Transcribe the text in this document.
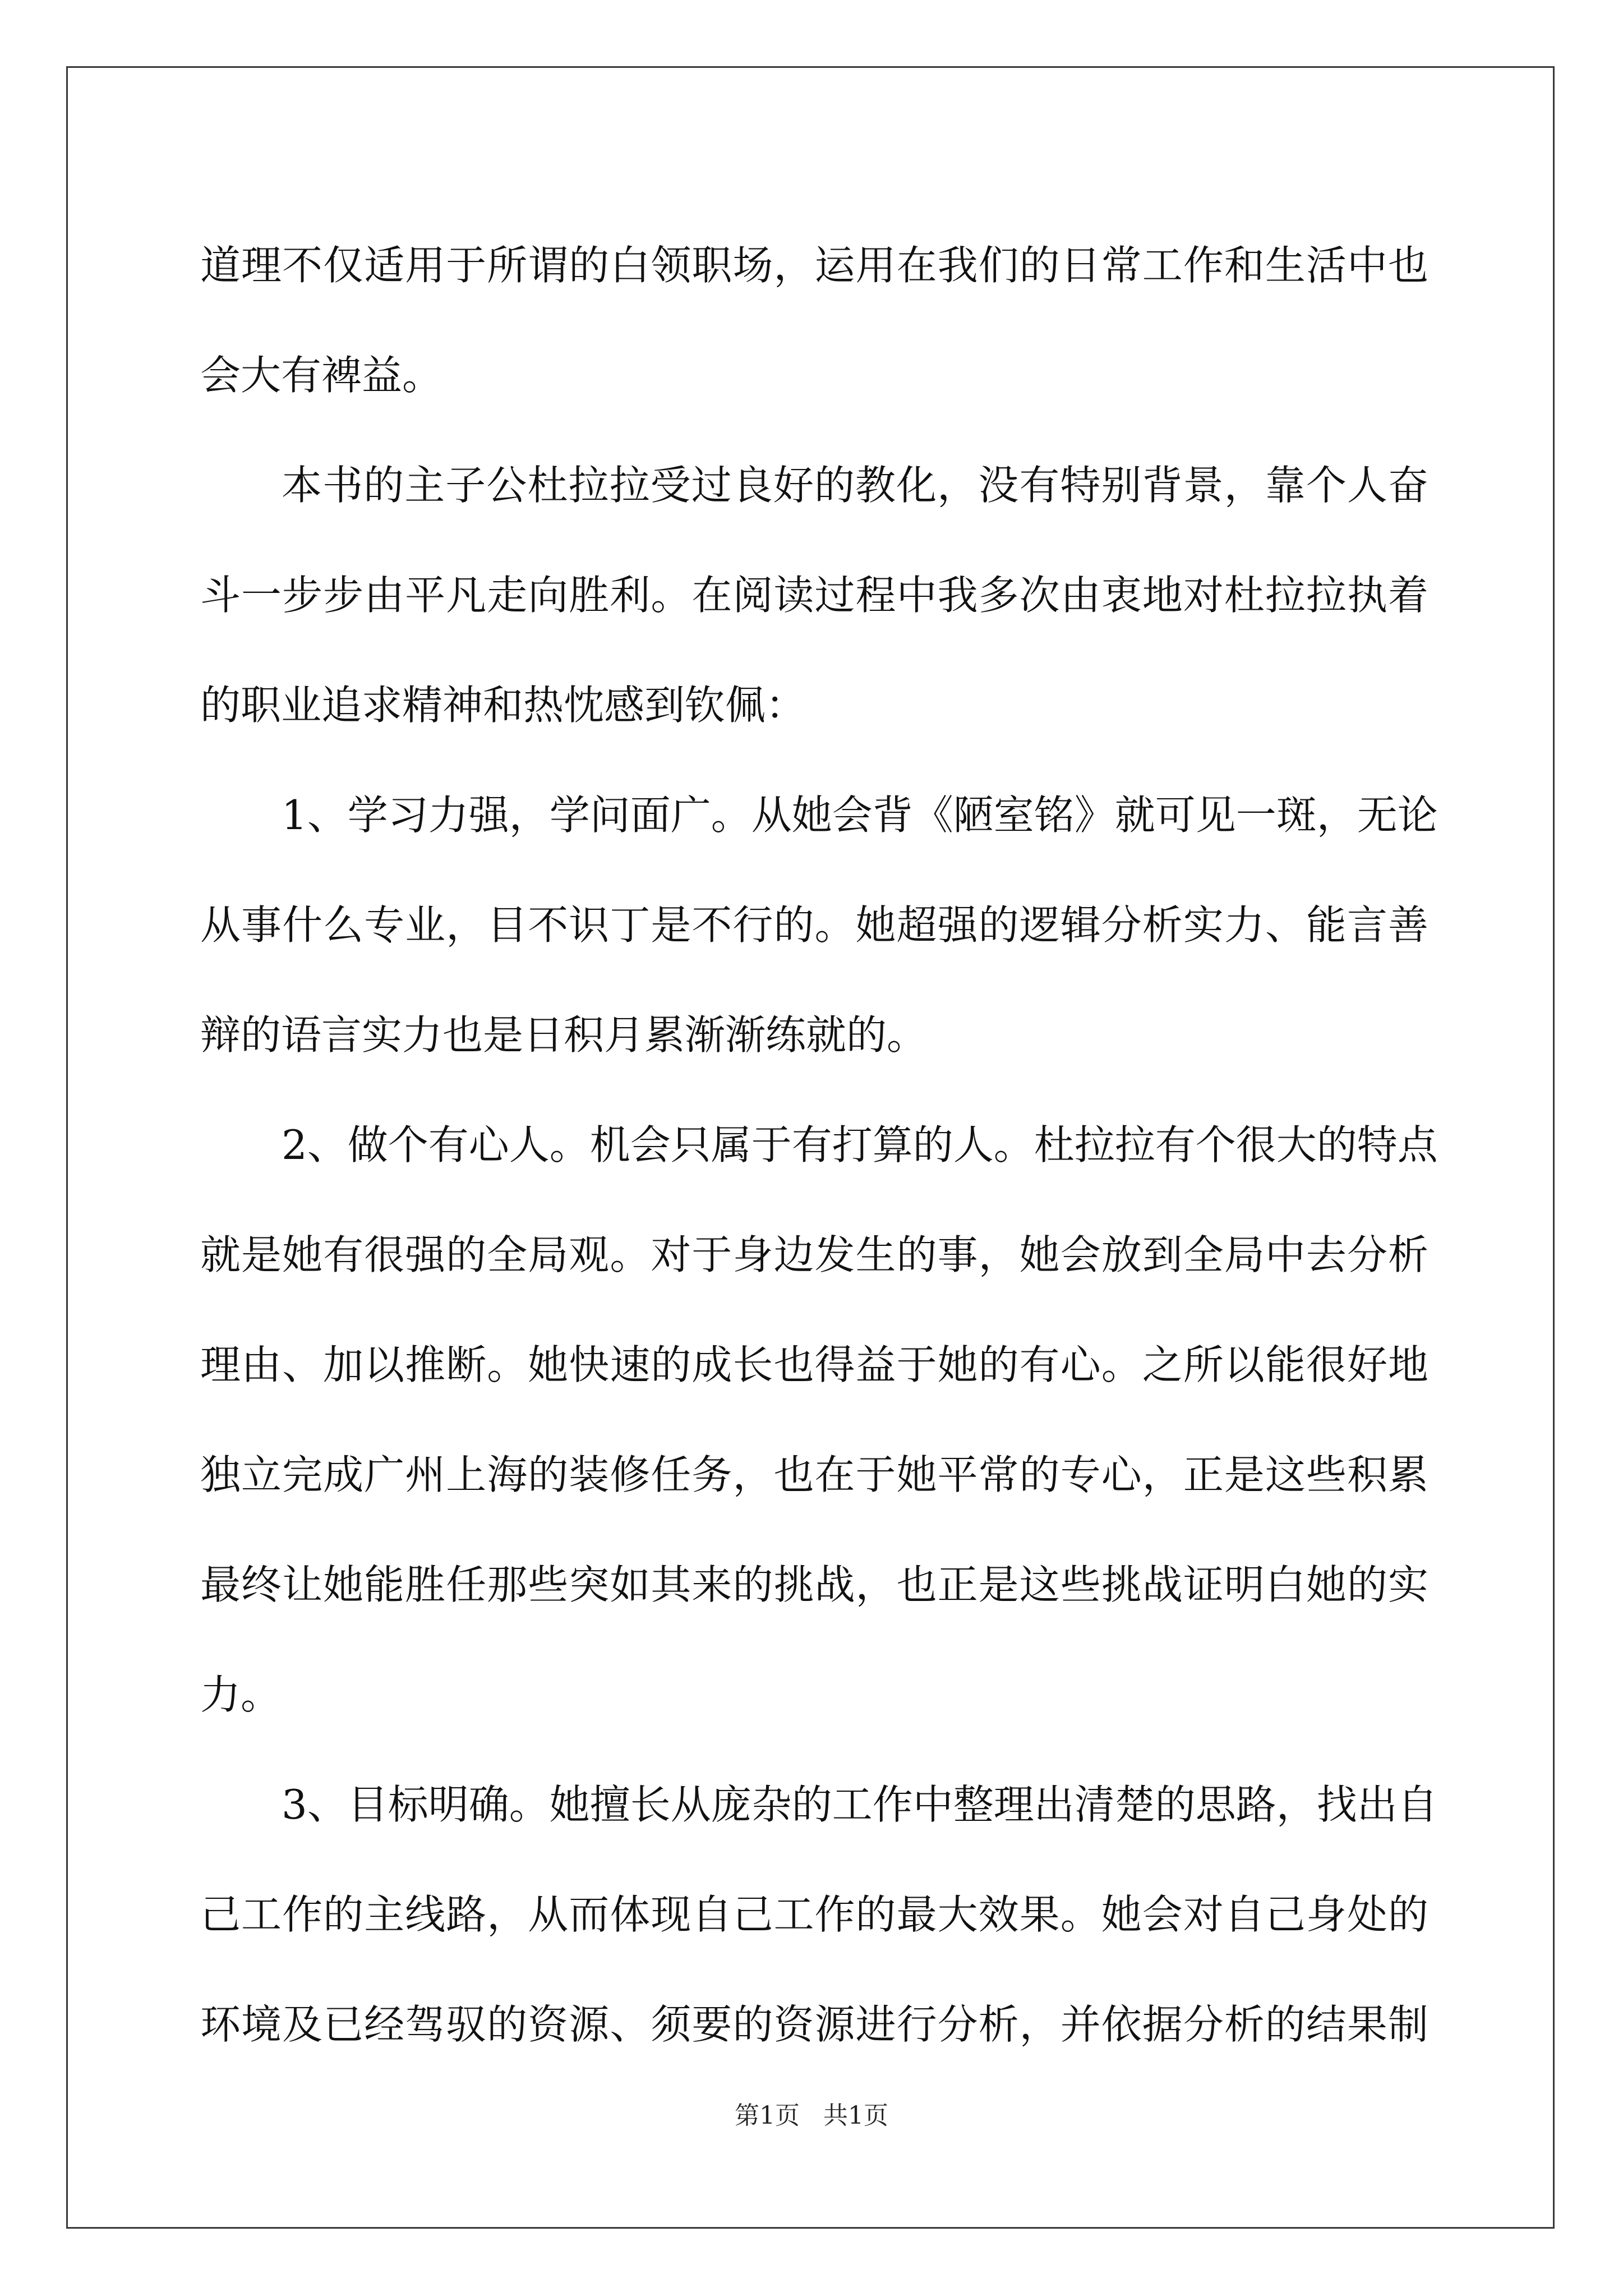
道理不仅适用于所谓的白领职场，运用在我们的日常工作和生活中也
会大有裨益。
本书的主子公杜拉拉受过良好的教化，没有特别背景，靠个人奋
斗一步步由平凡走向胜利。在阅读过程中我多次由衷地对杜拉拉执着
的职业追求精神和热忱感到钦佩：
1、学习力强，学问面广。从她会背《陋室铭》就可见一斑，无论
从事什么专业，目不识丁是不行的。她超强的逻辑分析实力、能言善
辩的语言实力也是日积月累渐渐练就的。
2、做个有心人。机会只属于有打算的人。杜拉拉有个很大的特点
就是她有很强的全局观。对于身边发生的事，她会放到全局中去分析
理由、加以推断。她快速的成长也得益于她的有心。之所以能很好地
独立完成广州上海的装修任务，也在于她平常的专心，正是这些积累
最终让她能胜任那些突如其来的挑战，也正是这些挑战证明白她的实
力。
3、目标明确。她擅长从庞杂的工作中整理出清楚的思路，找出自
己工作的主线路，从而体现自己工作的最大效果。她会对自己身处的
环境及已经驾驭的资源、须要的资源进行分析，并依据分析的结果制
第1页 共1页
